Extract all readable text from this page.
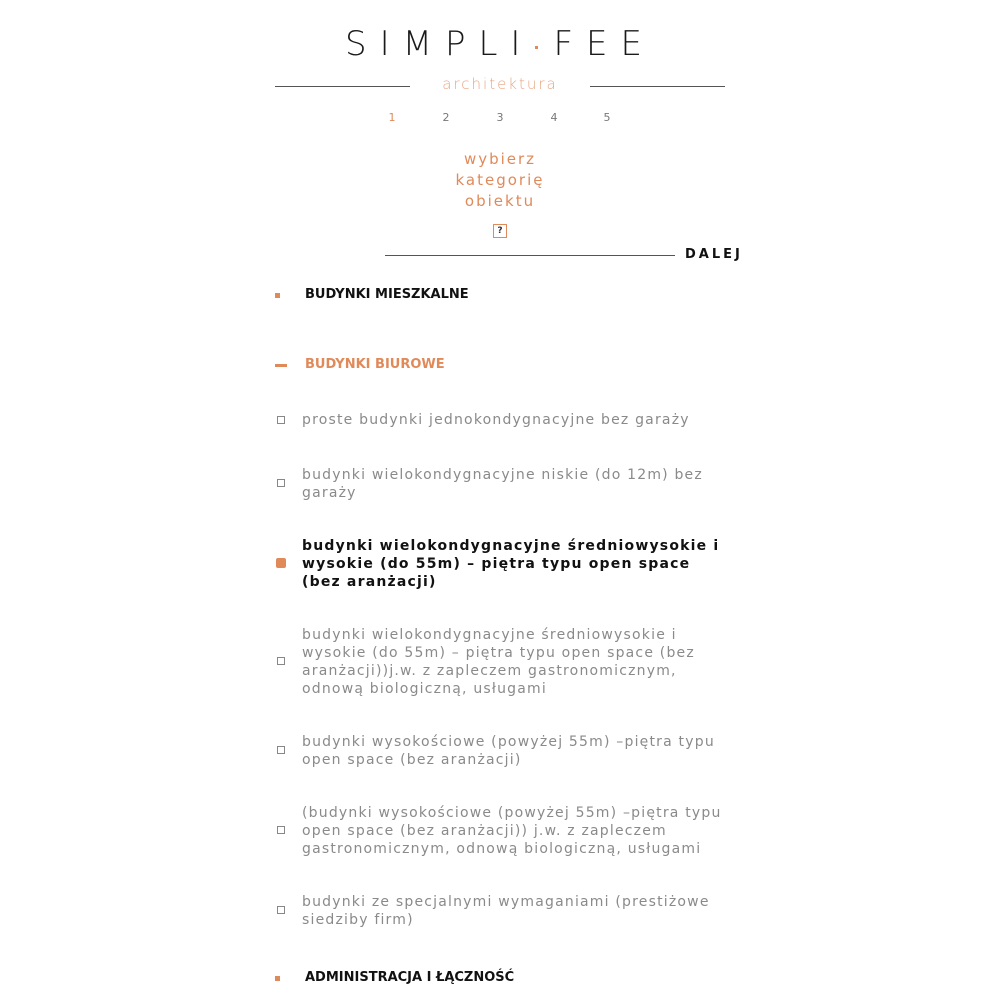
SIMPLI FEE
architektura
1	2	3	4	5
wybierz
kategorię
obiektu
?
DALEJ
BUDYNKI MIESZKALNE
BUDYNKI BIUROWE
proste budynki jednokondygnacyjne bez garaży
budynki wielokondygnacyjne niskie (do 12m) bez garaży
budynki wielokondygnacyjne średniowysokie i wysokie (do 55m) – piętra typu open space (bez aranżacji)
budynki wielokondygnacyjne średniowysokie i wysokie (do 55m) – piętra typu open space (bez aranżacji))j.w. z zapleczem gastronomicznym, odnową biologiczną, usługami
budynki wysokościowe (powyżej 55m) –piętra typu open space (bez aranżacji)
(budynki wysokościowe (powyżej 55m) –piętra typu open space (bez aranżacji)) j.w. z zapleczem gastronomicznym, odnową biologiczną, usługami
budynki ze specjalnymi wymaganiami (prestiżowe siedziby firm)
ADMINISTRACJA I ŁĄCZNOŚĆ
